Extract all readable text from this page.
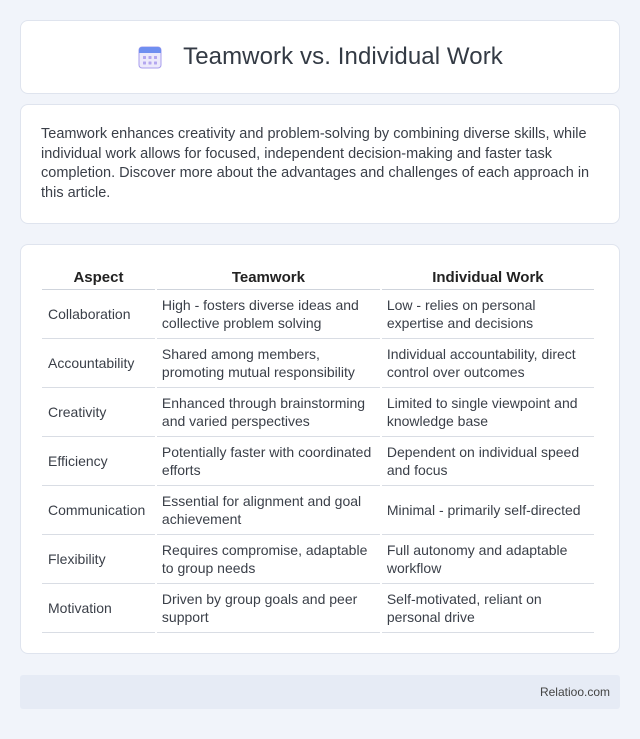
Teamwork vs. Individual Work

Teamwork enhances creativity and problem-solving by combining diverse skills, while individual work allows for focused, independent decision-making and faster task completion. Discover more about the advantages and challenges of each approach in this article.

Aspect	Teamwork	Individual Work
Collaboration	High - fosters diverse ideas and collective problem solving	Low - relies on personal expertise and decisions
Accountability	Shared among members, promoting mutual responsibility	Individual accountability, direct control over outcomes
Creativity	Enhanced through brainstorming and varied perspectives	Limited to single viewpoint and knowledge base
Efficiency	Potentially faster with coordinated efforts	Dependent on individual speed and focus
Communication	Essential for alignment and goal achievement	Minimal - primarily self-directed
Flexibility	Requires compromise, adaptable to group needs	Full autonomy and adaptable workflow
Motivation	Driven by group goals and peer support	Self-motivated, reliant on personal drive
Relatioo.com
